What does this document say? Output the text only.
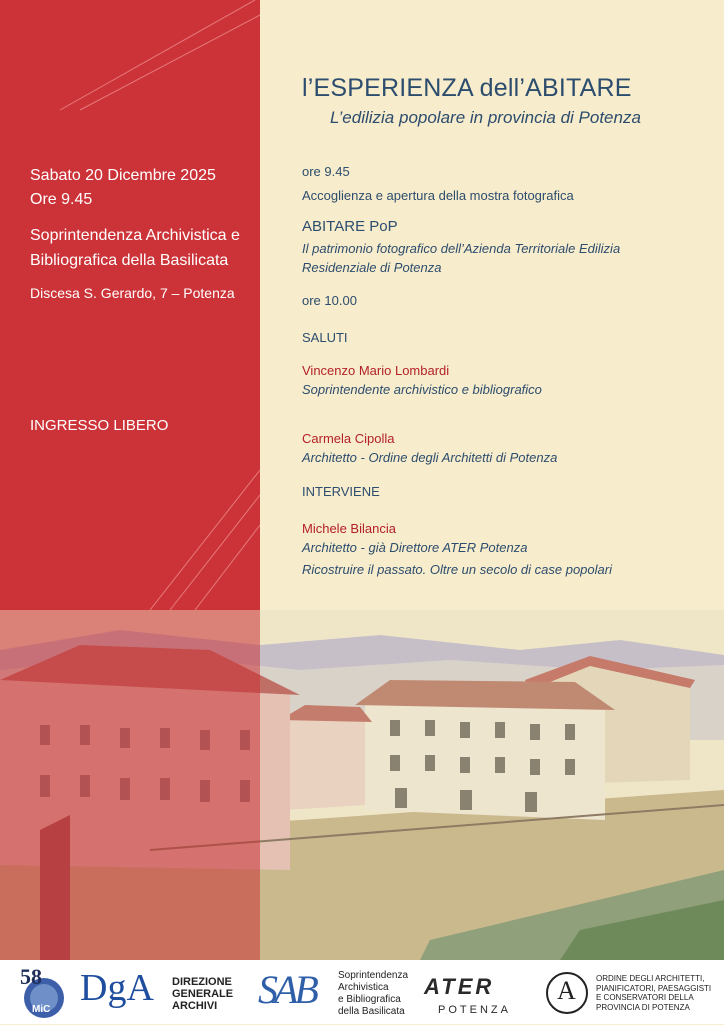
Sabato 20 Dicembre 2025
Ore 9.45
Soprintendenza Archivistica e
Bibliografica della Basilicata
Discesa S. Gerardo, 7 – Potenza
INGRESSO LIBERO
l’ESPERIENZA dell’ABITARE
L’edilizia popolare in provincia di Potenza
ore 9.45
Accoglienza e apertura della mostra fotografica
ABITARE PoP
Il patrimonio fotografico dell’Azienda Territoriale Edilizia
Residenziale di Potenza
ore 10.00
SALUTI
Vincenzo Mario Lombardi
Soprintendente archivistico e bibliografico
Carmela Cipolla
Architetto - Ordine degli Architetti di Potenza
INTERVIENE
Michele Bilancia
Architetto - già Direttore ATER Potenza
Ricostruire il passato. Oltre un secolo di case popolari
58
MiC
DgA DIREZIONE
GENERALE
ARCHIVI	SAB Soprintendenza
Archivistica
e Bibliografica
della Basilicata
ATER
POTENZA
A	ORDINE DEGLI ARCHITETTI,
PIANIFICATORI, PAESAGGISTI
E CONSERVATORI DELLA
PROVINCIA DI POTENZA
